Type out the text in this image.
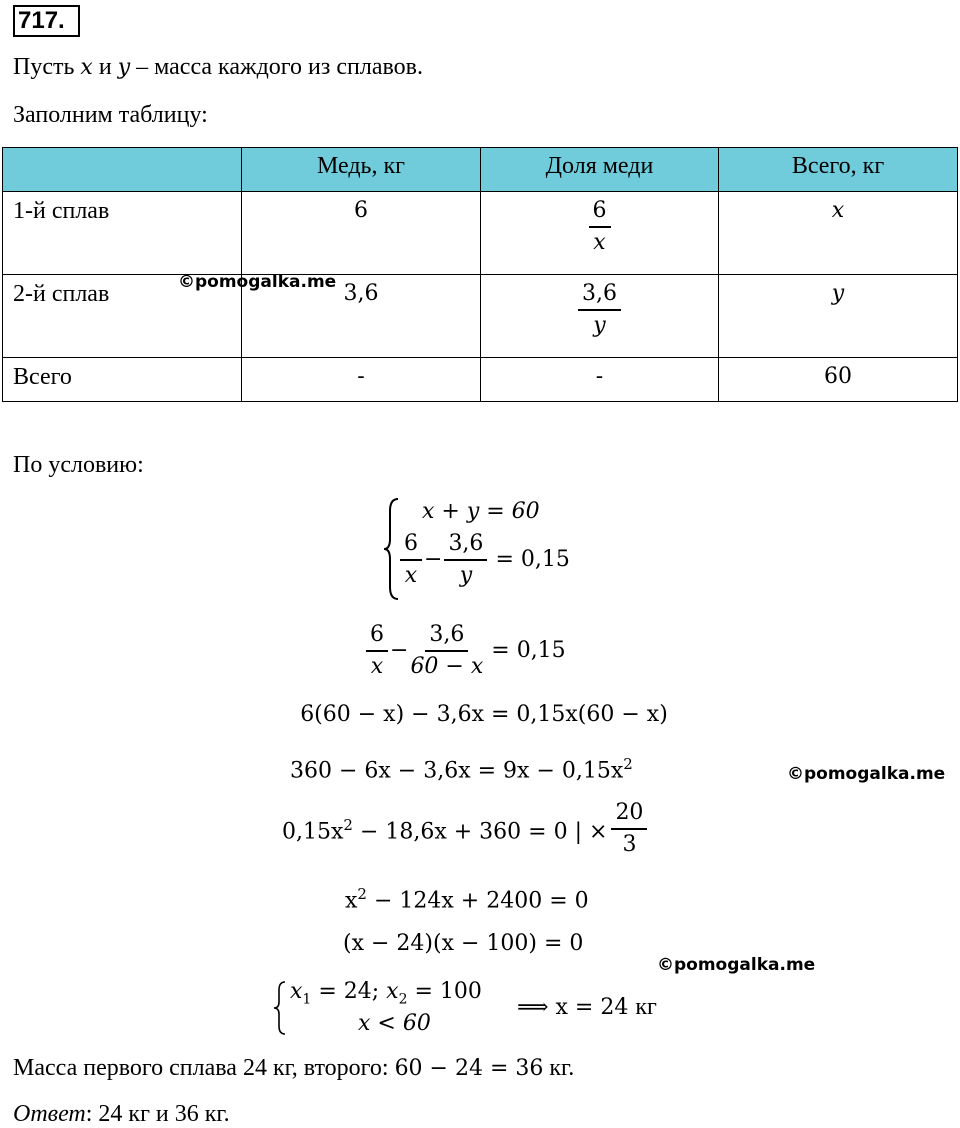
717.
Пусть x и y – масса каждого из сплавов.
Заполним таблицу:
	Медь, кг	Доля меди	Всего, кг

1-й сплав	6	$\frac{6}{x}$	x

2-й сплав	3,6	$\frac{3,6}{y}$	y

Всего	-	-	60
©pomogalka.me
По условию:
x + y = 60
$\frac{6}{x} - \frac{3,6}{y} = 0,15$
$\frac{6}{x} - \frac{3,6}{60 - x} = 0,15$
6(60 − x) − 3,6x = 0,15x(60 − x)
$360 - 6x - 3,6x = 9x - 0,15x^2$	©pomogalka.me
$0,15x^2 - 18,6x + 360 = 0$ | × $\frac{20}{3}$
$x^2 - 124x + 2400 = 0$
(x − 24)(x − 100) = 0
©pomogalka.me
$x_1 = 24$; $x_2 = 100$
x < 60
⟹ x = 24 кг
Масса первого сплава 24 кг, второго: 60 − 24 = 36 кг.
Ответ: 24 кг и 36 кг.
